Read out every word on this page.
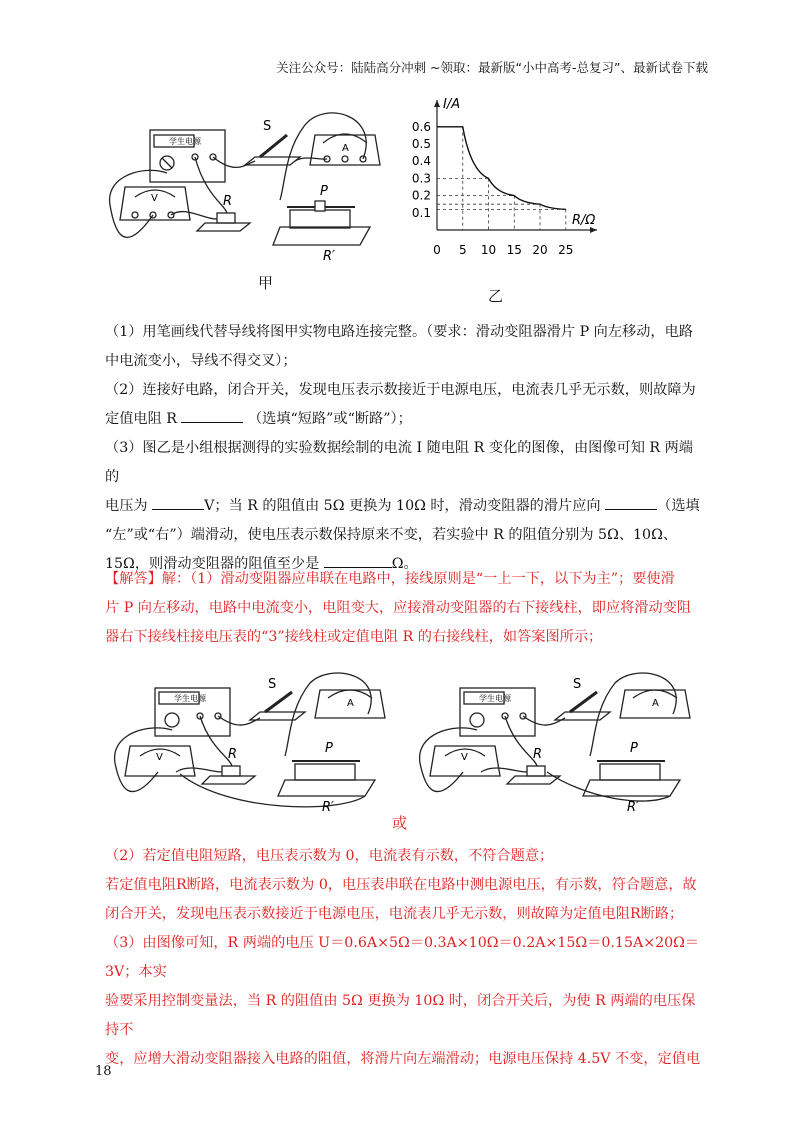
关注公众号：陆陆高分冲刺 ~领取：最新版“小中高考-总复习”、最新试卷下载
学生电源
S
A
V	R
P
R′
甲
I/A
R/Ω
0 5 10 15 20 25
0.1
0.2
0.3
0.4
0.5
0.6
乙
（1）用笔画线代替导线将图甲实物电路连接完整。（要求：滑动变阻器滑片 P 向左移动，电路
中电流变小，导线不得交叉）；
（2）连接好电路，闭合开关，发现电压表示数接近于电源电压，电流表几乎无示数，则故障为
定值电阻 R	（选填“短路”或“断路”）；
（3）图乙是小组根据测得的实验数据绘制的电流 I 随电阻 R 变化的图像，由图像可知 R 两端的
电压为	V；当 R 的阻值由 5Ω 更换为 10Ω 时，滑动变阻器的滑片应向	（选填
“左”或“右”）端滑动，使电压表示数保持原来不变，若实验中 R 的阻值分别为 5Ω、10Ω、
15Ω，则滑动变阻器的阻值至少是	Ω。
【解答】解：（1）滑动变阻器应串联在电路中，接线原则是“一上一下，以下为主”；要使滑
片 P 向左移动，电路中电流变小，电阻变大，应接滑动变阻器的右下接线柱，即应将滑动变阻
器右下接线柱接电压表的“3”接线柱或定值电阻 R 的右接线柱，如答案图所示；
学生电源
S
A
V	R	P
R′
或
学生电源
S
A
V	R	P
R′
（2）若定值电阻短路，电压表示数为 0，电流表有示数，不符合题意；
若定值电阻R断路，电流表示数为 0，电压表串联在电路中测电源电压，有示数，符合题意，故
闭合开关，发现电压表示数接近于电源电压，电流表几乎无示数，则故障为定值电阻R断路；
（3）由图像可知，R 两端的电压 U＝0.6A×5Ω＝0.3A×10Ω＝0.2A×15Ω＝0.15A×20Ω＝3V；本实
验要采用控制变量法，当 R 的阻值由 5Ω 更换为 10Ω 时，闭合开关后，为使 R 两端的电压保持不
变，应增大滑动变阻器接入电路的阻值，将滑片向左端滑动；电源电压保持 4.5V 不变，定值电
18
